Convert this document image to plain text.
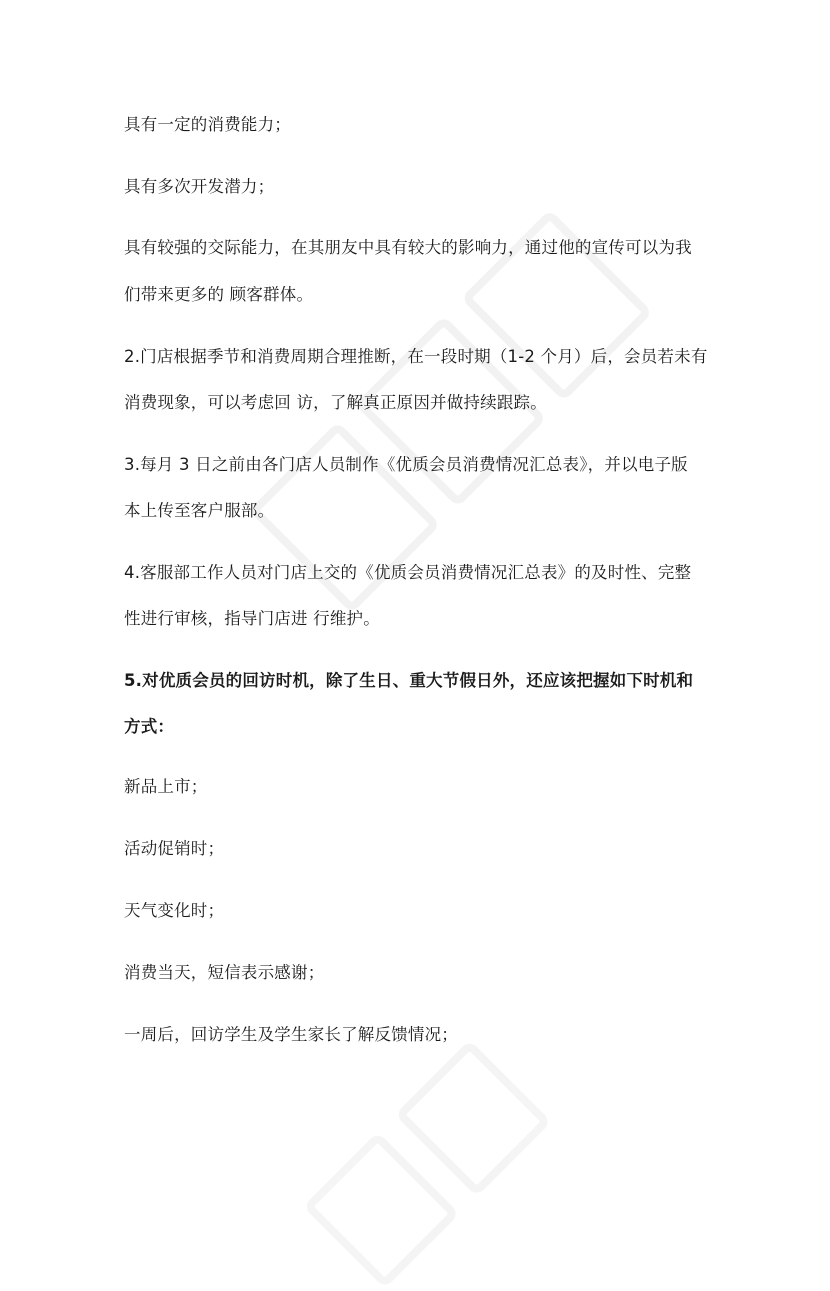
具有一定的消费能力；
具有多次开发潜力；
具有较强的交际能力，在其朋友中具有较大的影响力，通过他的宣传可以为我
们带来更多的 顾客群体。
2.门店根据季节和消费周期合理推断，在一段时期（1-2 个月）后，会员若未有
消费现象，可以考虑回 访，了解真正原因并做持续跟踪。
3.每月 3 日之前由各门店人员制作《优质会员消费情况汇总表》，并以电子版
本上传至客户服部。
4.客服部工作人员对门店上交的《优质会员消费情况汇总表》的及时性、完整
性进行审核，指导门店进 行维护。
5.对优质会员的回访时机，除了生日、重大节假日外，还应该把握如下时机和
方式：
新品上市；
活动促销时；
天气变化时；
消费当天，短信表示感谢；
一周后，回访学生及学生家长了解反馈情况；
